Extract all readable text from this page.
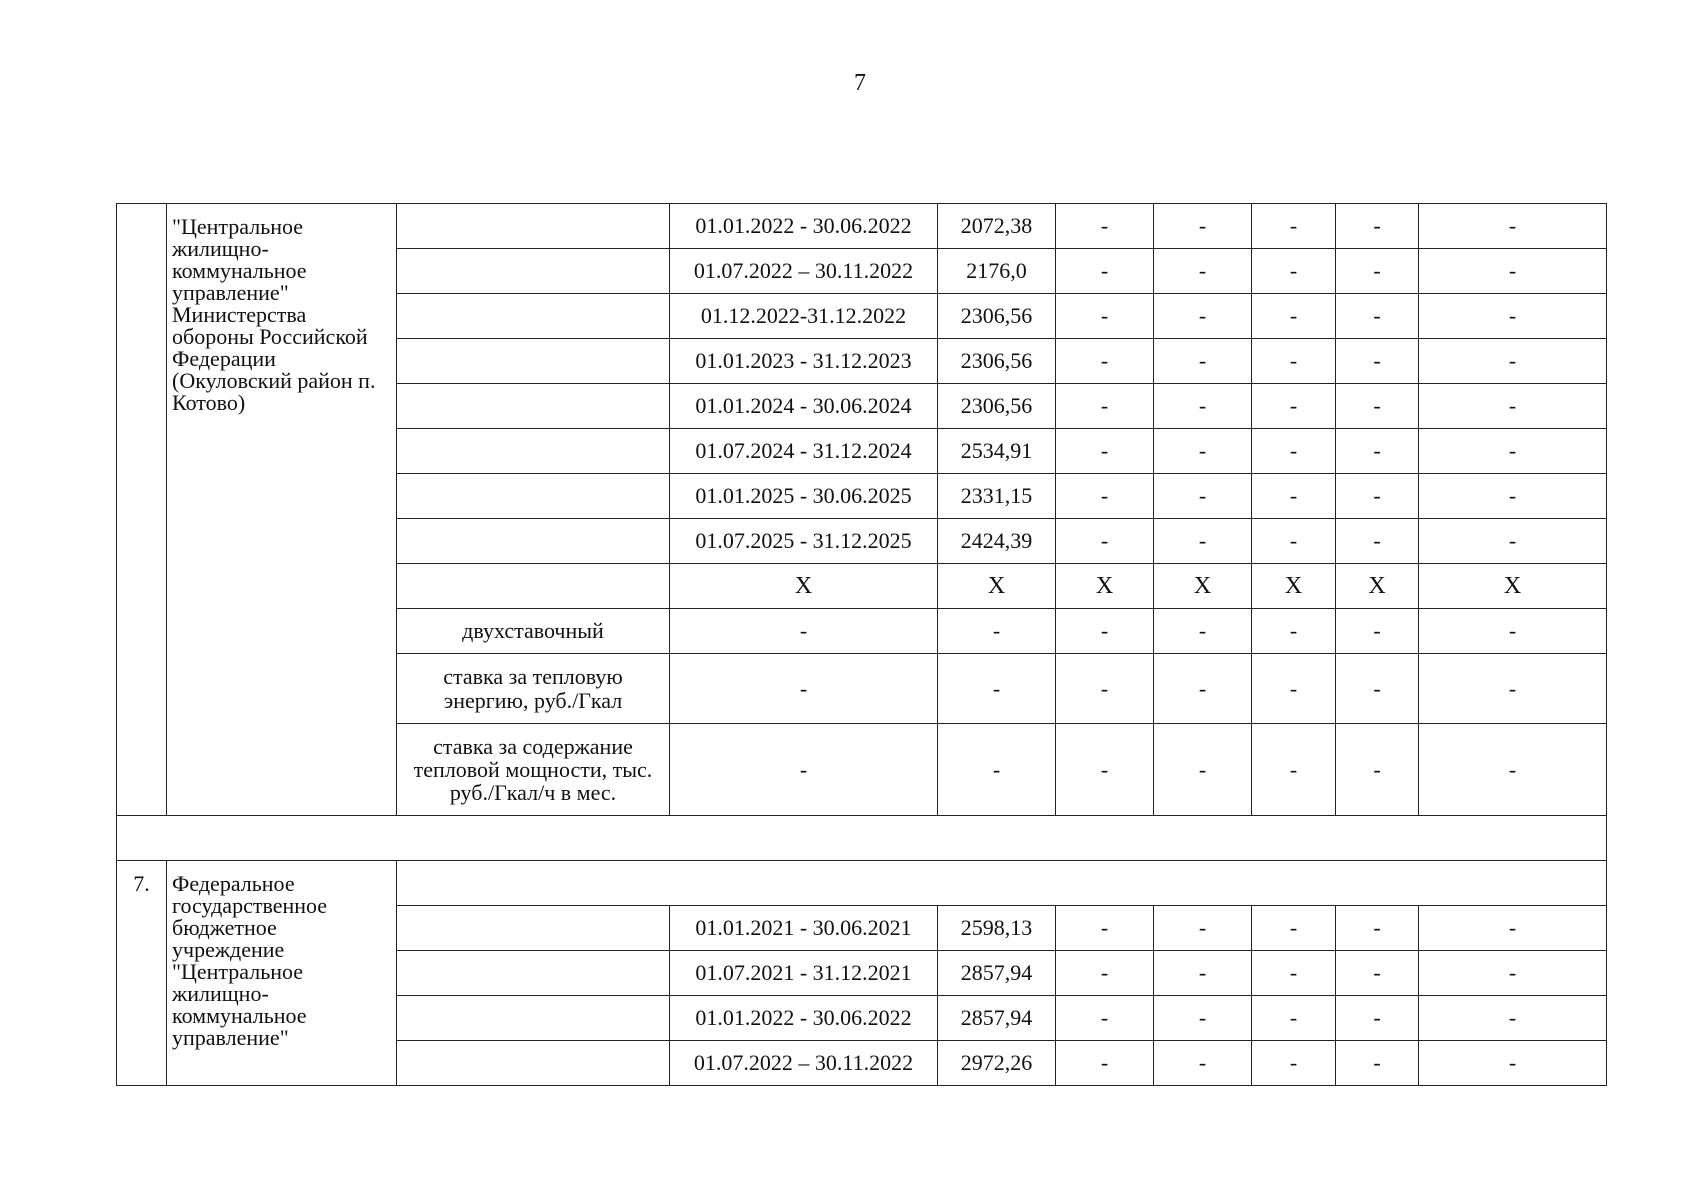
7
	"Центральное жилищно-коммунальное управление" Министерства обороны Российской Федерации (Окуловский район п. Котово)		01.01.2022 - 30.06.2022	2072,38	-	-	-	-	-
			01.07.2022 – 30.11.2022	2176,0	-	-	-	-	-
			01.12.2022-31.12.2022	2306,56	-	-	-	-	-
			01.01.2023 - 31.12.2023	2306,56	-	-	-	-	-
			01.01.2024 - 30.06.2024	2306,56	-	-	-	-	-
			01.07.2024 - 31.12.2024	2534,91	-	-	-	-	-
			01.01.2025 - 30.06.2025	2331,15	-	-	-	-	-
			01.07.2025 - 31.12.2025	2424,39	-	-	-	-	-
			X	X	X	X	X	X	X
		двухставочный	-	-	-	-	-	-	-
		ставка за тепловую энергию, руб./Гкал	-	-	-	-	-	-	-
		ставка за содержание тепловой мощности, тыс. руб./Гкал/ч в мес.	-	-	-	-	-	-	-

7.	Федеральное государственное бюджетное учреждение "Центральное жилищно-коммунальное управление"								
			01.01.2021 - 30.06.2021	2598,13	-	-	-	-	-
			01.07.2021 - 31.12.2021	2857,94	-	-	-	-	-
			01.01.2022 - 30.06.2022	2857,94	-	-	-	-	-
			01.07.2022 – 30.11.2022	2972,26	-	-	-	-	-
